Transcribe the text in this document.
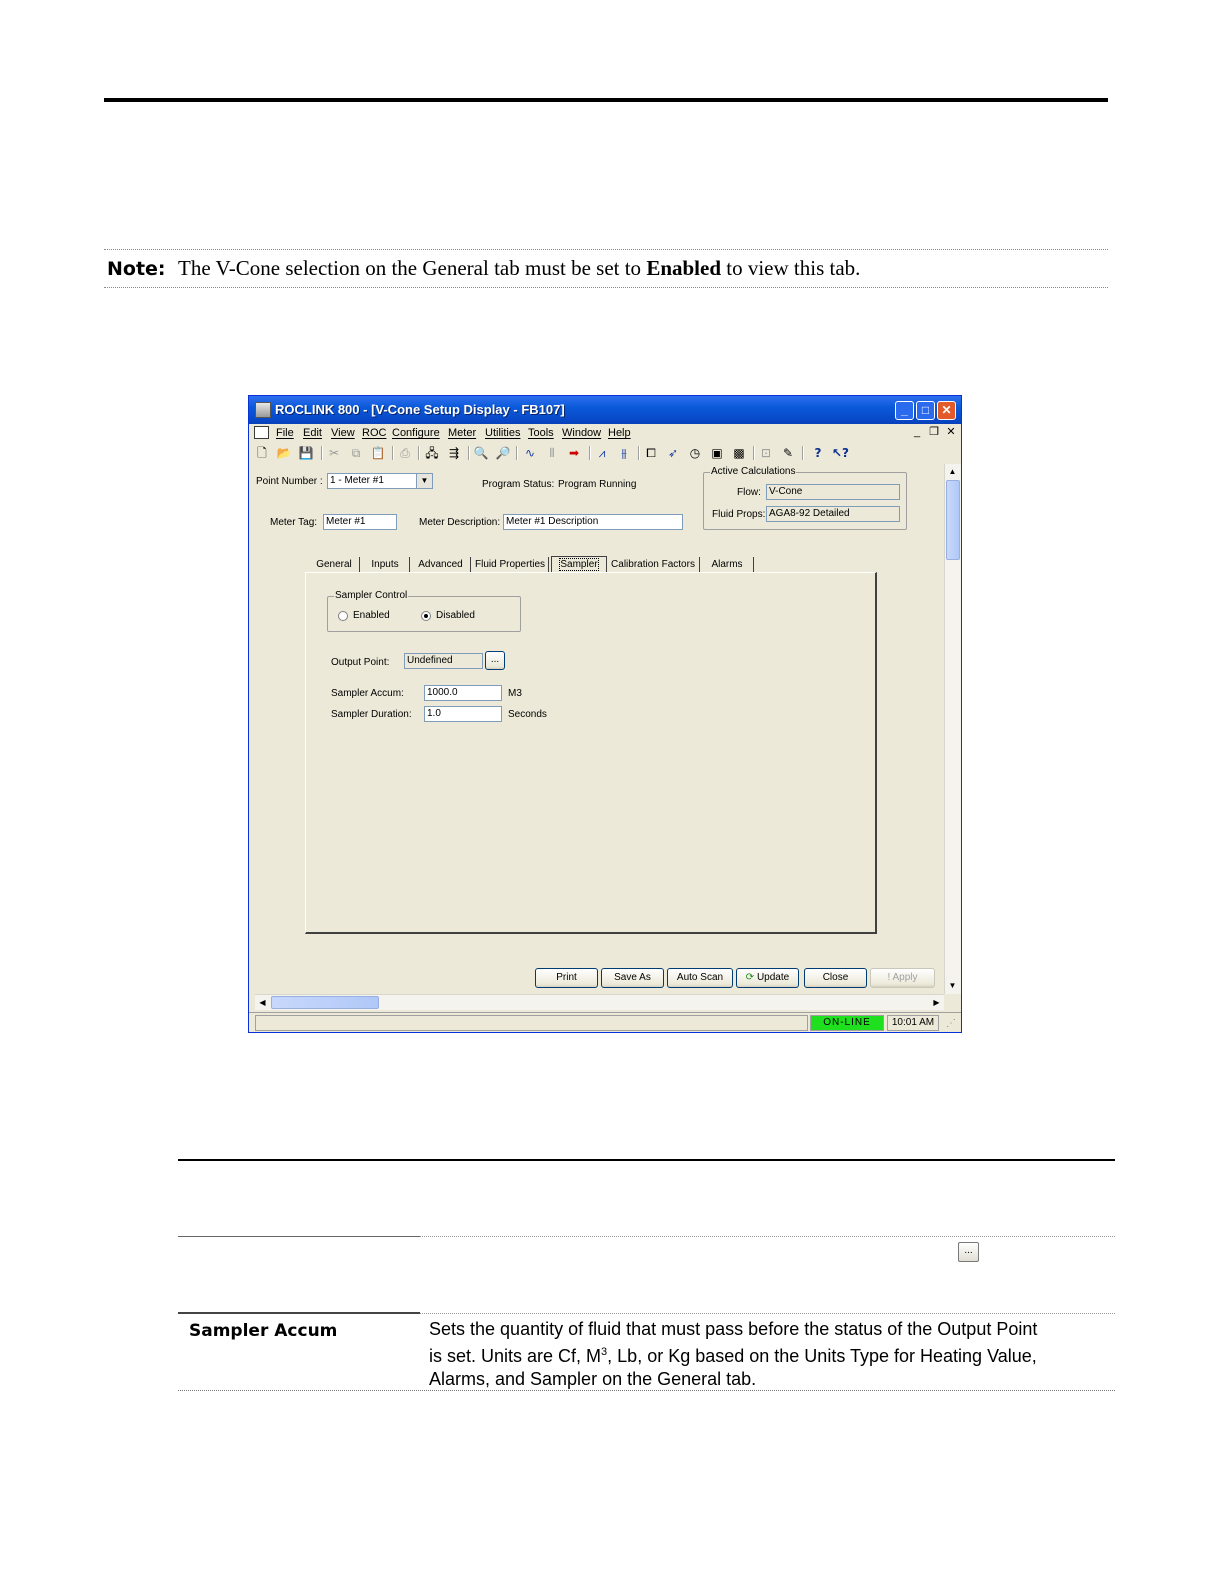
Note: The V-Cone selection on the General tab must be set to Enabled to view this tab.
ROCLINK 800 - [V-Cone Setup Display - FB107]	_	□	✕
File Edit View ROC Configure Meter Utilities Tools Window Help	_ ❐ ✕
🗋 📂 💾 ✂	⧉ 📋 ⎙ 🖧 ⇶ 🔍 🔎 ∿	⫴	➡	⩘	⫵	⧠ ➶ ◷ ▣ ▩ ⊡ ✎	? ↖?
Point Number : 1 - Meter #1	▼	Program Status: Program Running
Meter Tag: Meter #1	Meter Description: Meter #1 Description
Active Calculations
Flow: V-Cone
Fluid Props: AGA8-92 Detailed
General	Inputs	Advanced	Fluid Properties	Sampler	Calibration Factors	Alarms
Sampler Control
Enabled	Disabled
Output Point:	Undefined	...
Sampler Accum:	1000.0	M3
Sampler Duration:	1.0	Seconds
Print	Save As	Auto Scan	⟳ Update	Close	! Apply
▲
▼
◀	▶
ON-LINE	10:01 AM	⋰
...
Sampler Accum	Sets the quantity of fluid that must pass before the status of the Output Point
is set. Units are Cf, $M^3$, Lb, or Kg based on the Units Type for Heating Value,
Alarms, and Sampler on the General tab.
